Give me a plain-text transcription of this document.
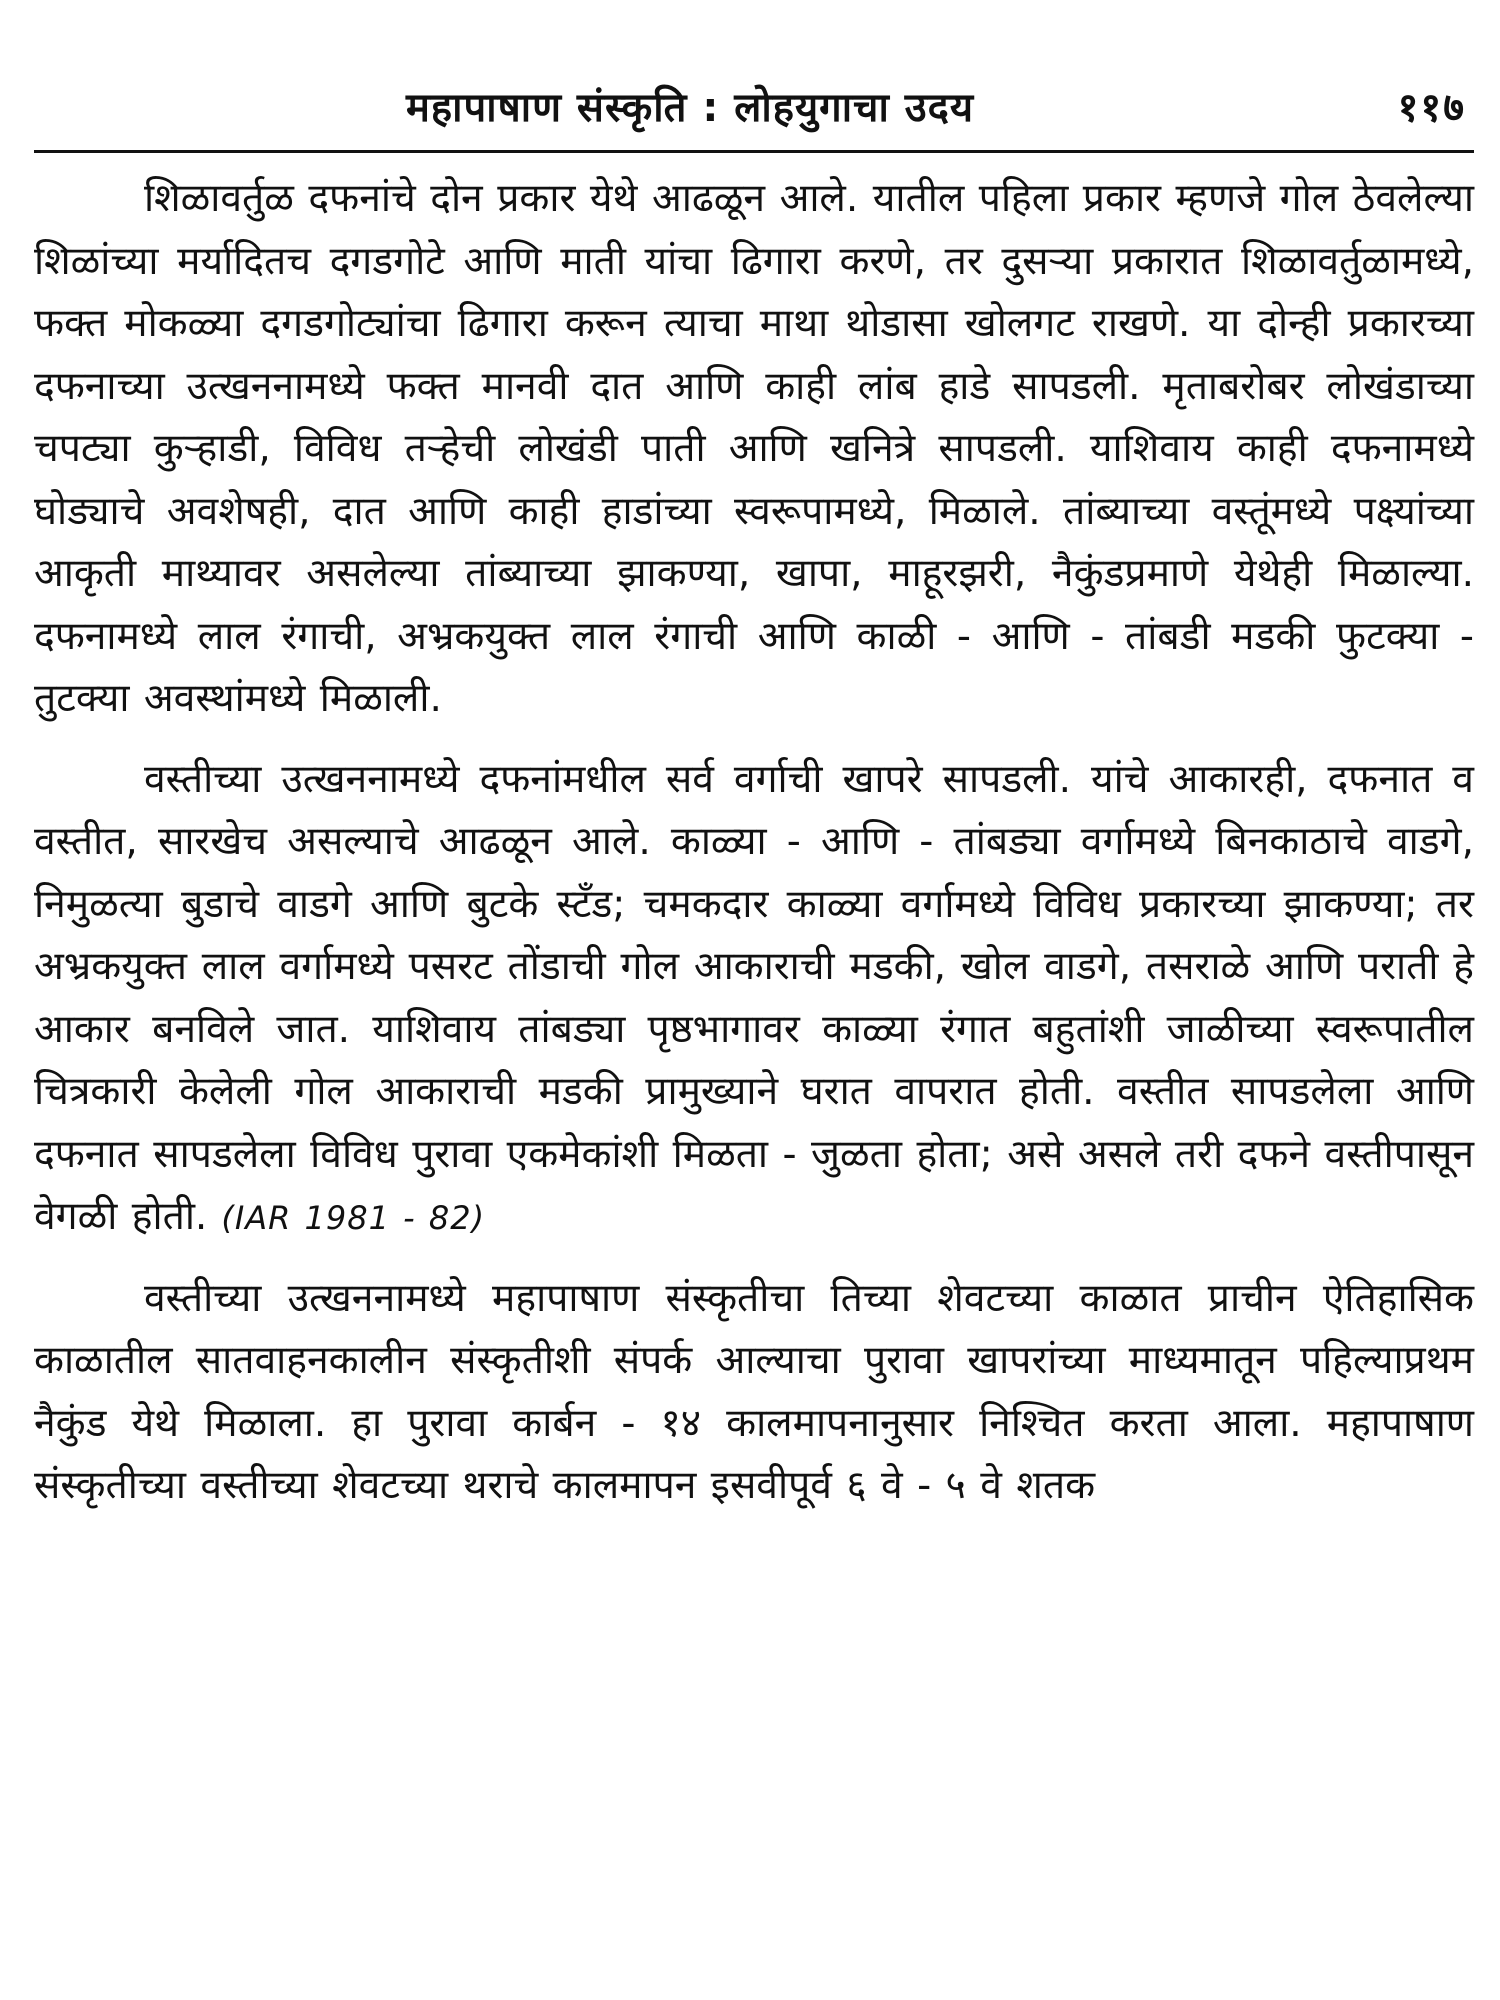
महापाषाण संस्कृति : लोहयुगाचा उदय	११७

शिळावर्तुळ दफनांचे दोन प्रकार येथे आढळून आले. यातील पहिला प्रकार म्हणजे गोल ठेवलेल्या शिळांच्या मर्यादितच दगडगोटे आणि माती यांचा ढिगारा करणे, तर दुसऱ्या प्रकारात शिळावर्तुळामध्ये, फक्त मोकळ्या दगडगोट्यांचा ढिगारा करून त्याचा माथा थोडासा खोलगट राखणे. या दोन्ही प्रकारच्या दफनाच्या उत्खननामध्ये फक्त मानवी दात आणि काही लांब हाडे सापडली. मृताबरोबर लोखंडाच्या चपट्या कुऱ्हाडी, विविध तऱ्हेची लोखंडी पाती आणि खनित्रे सापडली. याशिवाय काही दफनामध्ये घोड्याचे अवशेषही, दात आणि काही हाडांच्या स्वरूपामध्ये, मिळाले. तांब्याच्या वस्तूंमध्ये पक्ष्यांच्या आकृती माथ्यावर असलेल्या तांब्याच्या झाकण्या, खापा, माहूरझरी, नैकुंडप्रमाणे येथेही मिळाल्या. दफनामध्ये लाल रंगाची, अभ्रकयुक्त लाल रंगाची आणि काळी - आणि - तांबडी मडकी फुटक्या - तुटक्या अवस्थांमध्ये मिळाली.

वस्तीच्या उत्खननामध्ये दफनांमधील सर्व वर्गाची खापरे सापडली. यांचे आकारही, दफनात व वस्तीत, सारखेच असल्याचे आढळून आले. काळ्या - आणि - तांबड्या वर्गामध्ये बिनकाठाचे वाडगे, निमुळत्या बुडाचे वाडगे आणि बुटके स्टँड; चमकदार काळ्या वर्गामध्ये विविध प्रकारच्या झाकण्या; तर अभ्रकयुक्त लाल वर्गामध्ये पसरट तोंडाची गोल आकाराची मडकी, खोल वाडगे, तसराळे आणि पराती हे आकार बनविले जात. याशिवाय तांबड्या पृष्ठभागावर काळ्या रंगात बहुतांशी जाळीच्या स्वरूपातील चित्रकारी केलेली गोल आकाराची मडकी प्रामुख्याने घरात वापरात होती. वस्तीत सापडलेला आणि दफनात सापडलेला विविध पुरावा एकमेकांशी मिळता - जुळता होता; असे असले तरी दफने वस्तीपासून वेगळी होती. (IAR 1981 - 82)

वस्तीच्या उत्खननामध्ये महापाषाण संस्कृतीचा तिच्या शेवटच्या काळात प्राचीन ऐतिहासिक काळातील सातवाहनकालीन संस्कृतीशी संपर्क आल्याचा पुरावा खापरांच्या माध्यमातून पहिल्याप्रथम नैकुंड येथे मिळाला. हा पुरावा कार्बन - १४ कालमापनानुसार निश्चित करता आला. महापाषाण संस्कृतीच्या वस्तीच्या शेवटच्या थराचे कालमापन इसवीपूर्व ६ वे - ५ वे शतक
